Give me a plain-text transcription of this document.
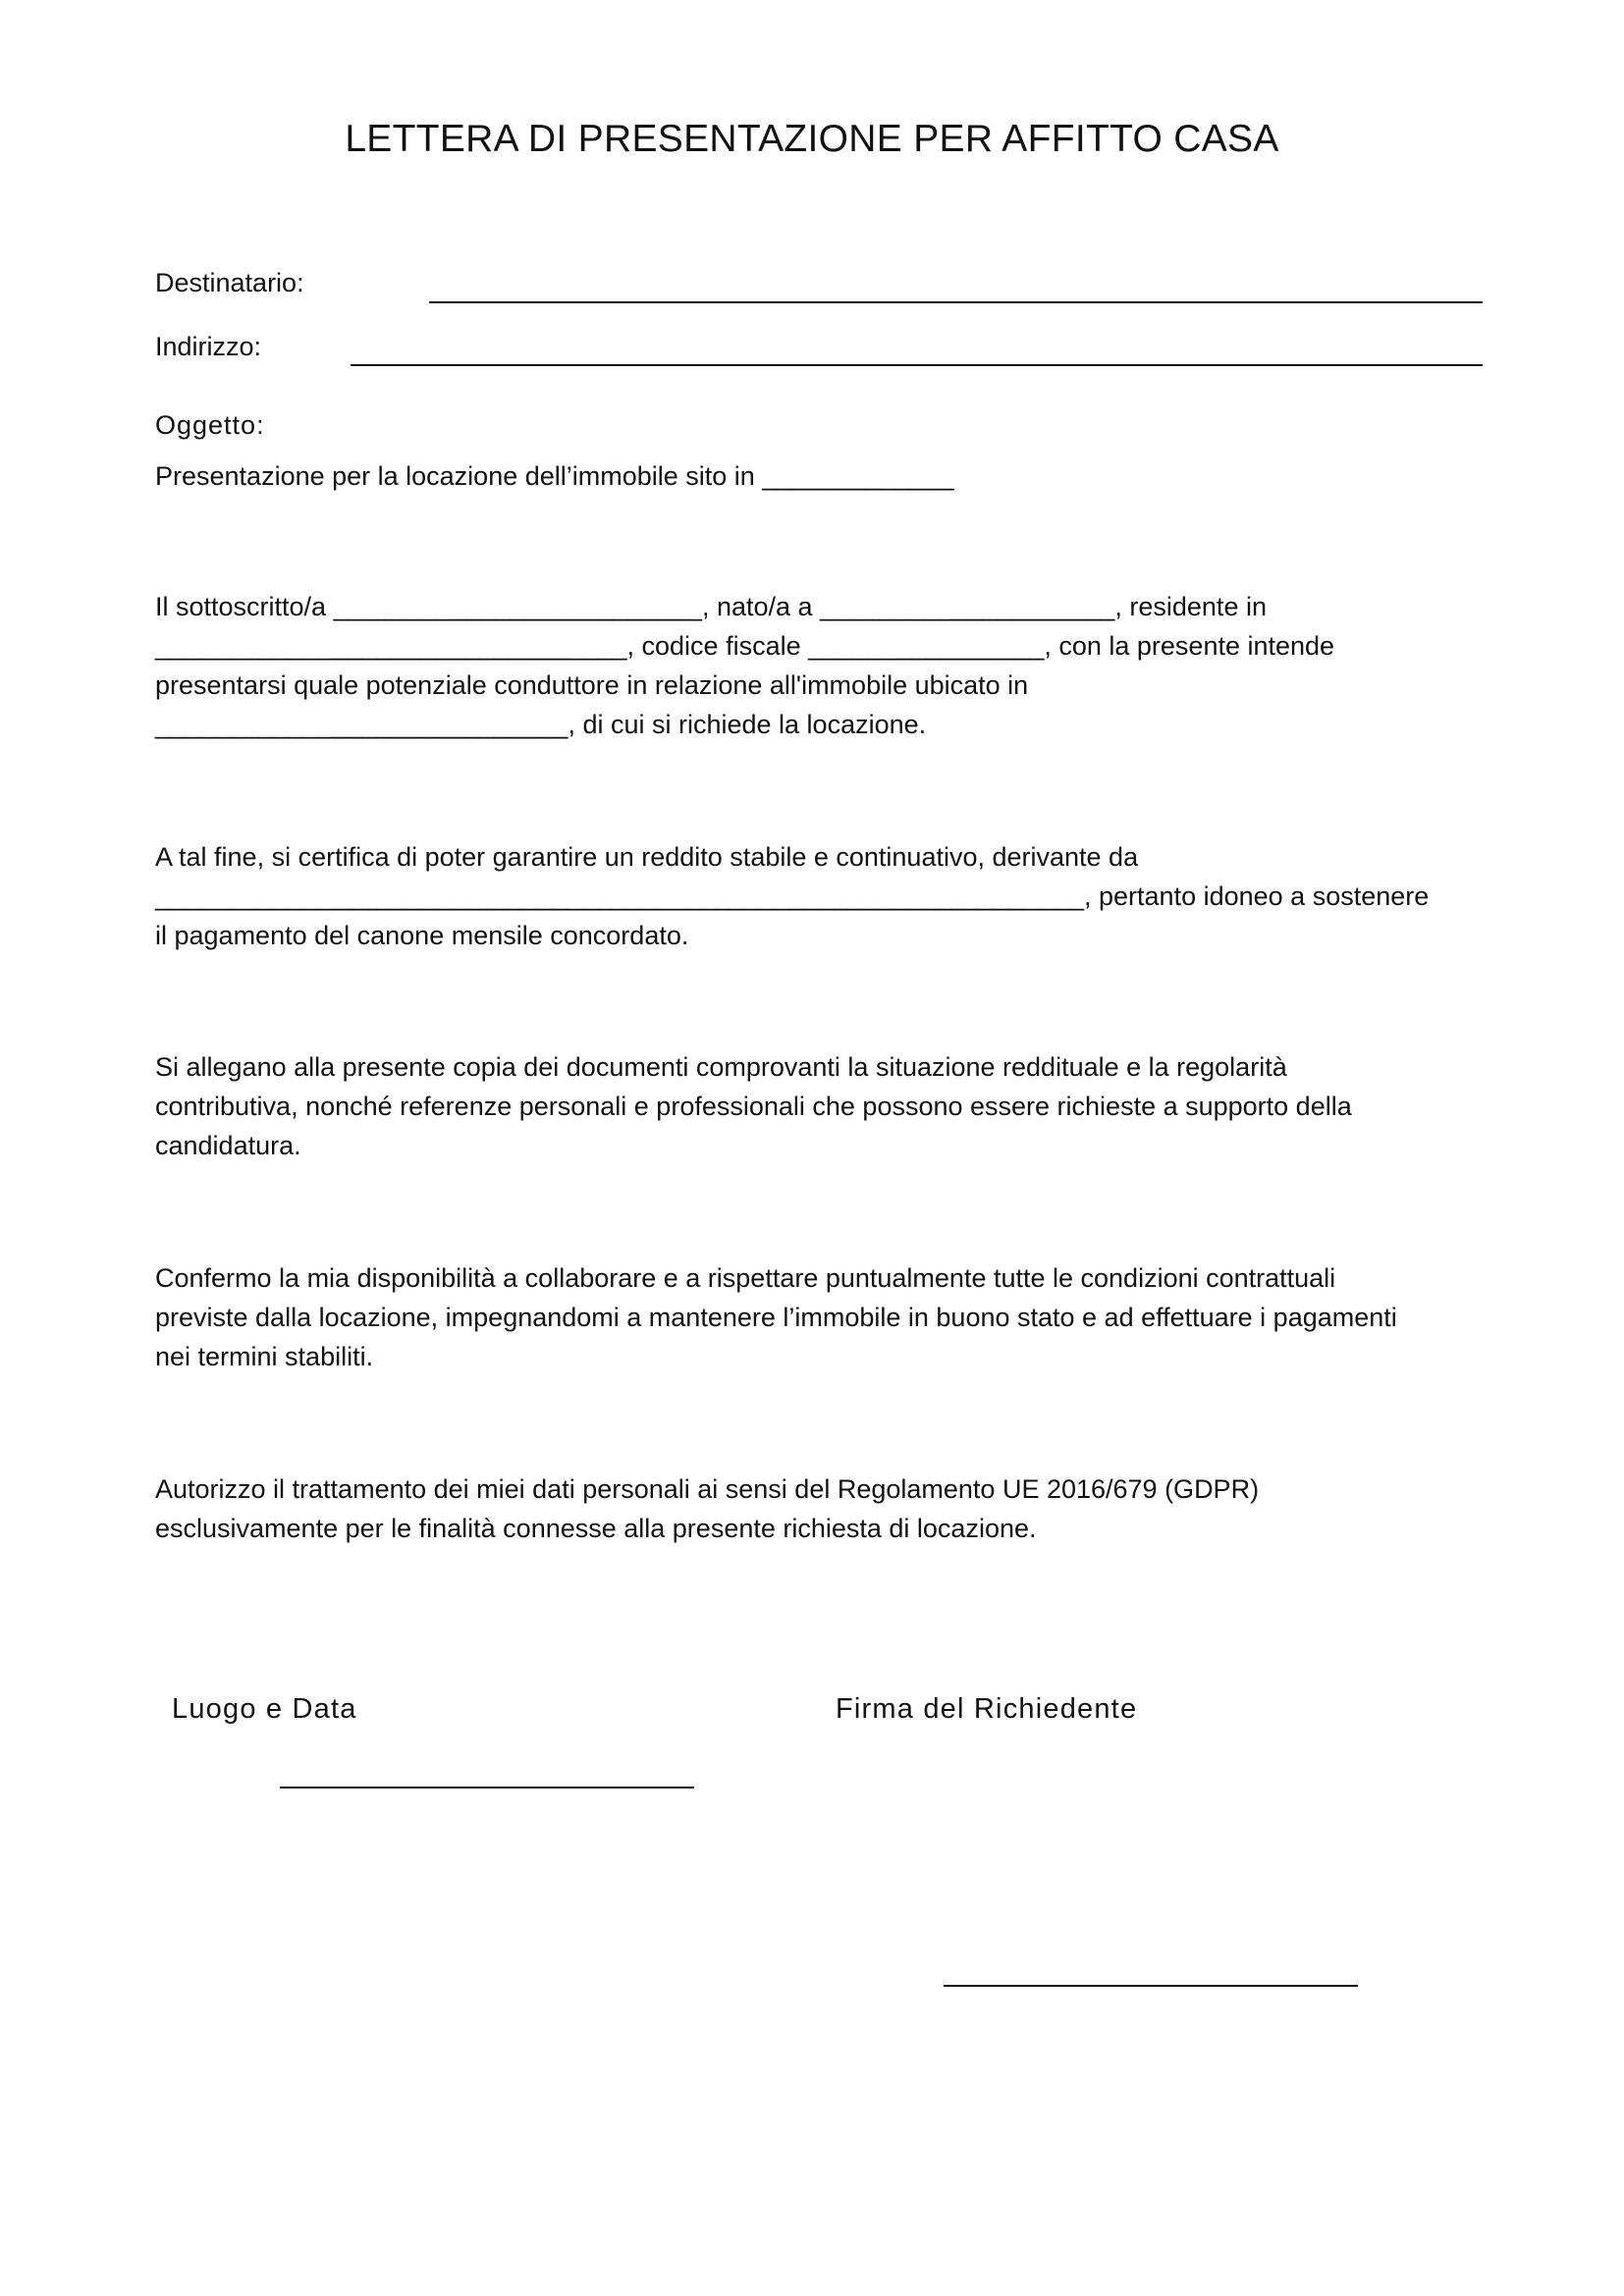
LETTERA DI PRESENTAZIONE PER AFFITTO CASA
Destinatario:
Indirizzo:
Oggetto:
Presentazione per la locazione dell’immobile sito in _____________
Il sottoscritto/a _________________________, nato/a a ____________________, residente in
________________________________, codice fiscale ________________, con la presente intende
presentarsi quale potenziale conduttore in relazione all'immobile ubicato in
____________________________, di cui si richiede la locazione.
A tal fine, si certifica di poter garantire un reddito stabile e continuativo, derivante da
_______________________________________________________________, pertanto idoneo a sostenere
il pagamento del canone mensile concordato.
Si allegano alla presente copia dei documenti comprovanti la situazione reddituale e la regolarità
contributiva, nonché referenze personali e professionali che possono essere richieste a supporto della
candidatura.
Confermo la mia disponibilità a collaborare e a rispettare puntualmente tutte le condizioni contrattuali
previste dalla locazione, impegnandomi a mantenere l’immobile in buono stato e ad effettuare i pagamenti
nei termini stabiliti.
Autorizzo il trattamento dei miei dati personali ai sensi del Regolamento UE 2016/679 (GDPR)
esclusivamente per le finalità connesse alla presente richiesta di locazione.
Luogo e Data	Firma del Richiedente
